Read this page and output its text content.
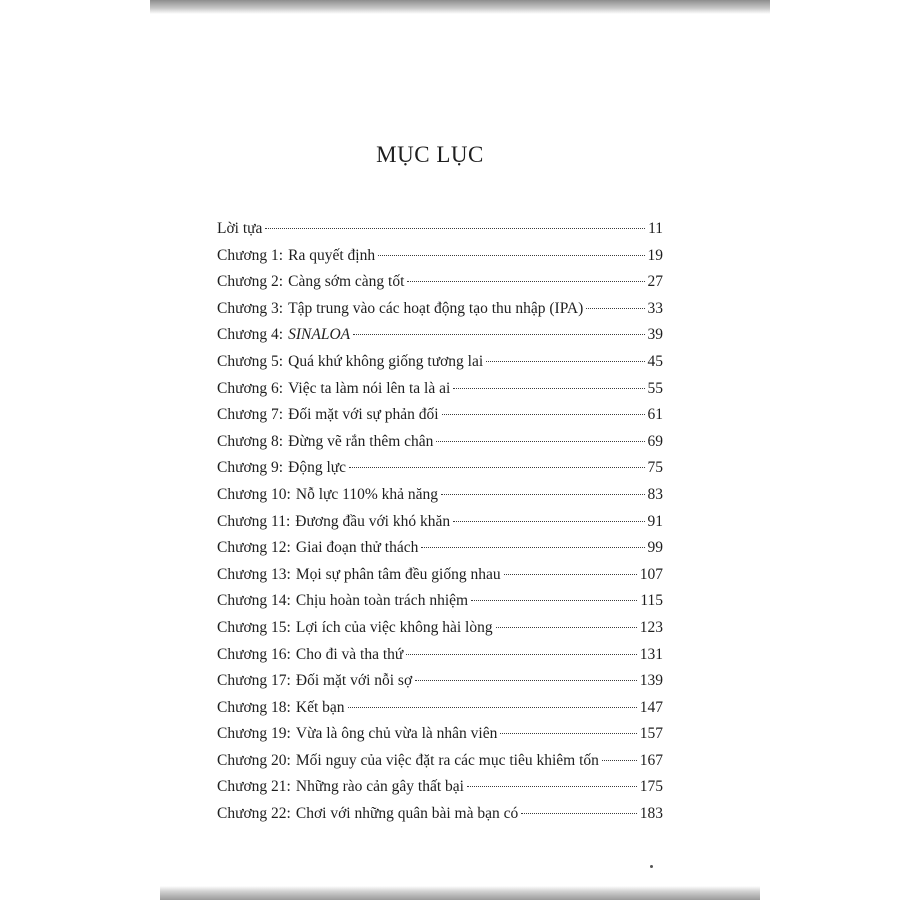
MỤC LỤC
Lời tựa	11
Chương 1: Ra quyết định	19
Chương 2: Càng sớm càng tốt	27
Chương 3: Tập trung vào các hoạt động tạo thu nhập (IPA)	33
Chương 4: SINALOA	39
Chương 5: Quá khứ không giống tương lai	45
Chương 6: Việc ta làm nói lên ta là ai	55
Chương 7: Đối mặt với sự phản đối	61
Chương 8: Đừng vẽ rắn thêm chân	69
Chương 9: Động lực	75
Chương 10: Nỗ lực 110% khả năng	83
Chương 11: Đương đầu với khó khăn	91
Chương 12: Giai đoạn thử thách	99
Chương 13: Mọi sự phân tâm đều giống nhau	107
Chương 14: Chịu hoàn toàn trách nhiệm	115
Chương 15: Lợi ích của việc không hài lòng	123
Chương 16: Cho đi và tha thứ	131
Chương 17: Đối mặt với nỗi sợ	139
Chương 18: Kết bạn	147
Chương 19: Vừa là ông chủ vừa là nhân viên	157
Chương 20: Mối nguy của việc đặt ra các mục tiêu khiêm tốn	167
Chương 21: Những rào cản gây thất bại	175
Chương 22: Chơi với những quân bài mà bạn có	183
